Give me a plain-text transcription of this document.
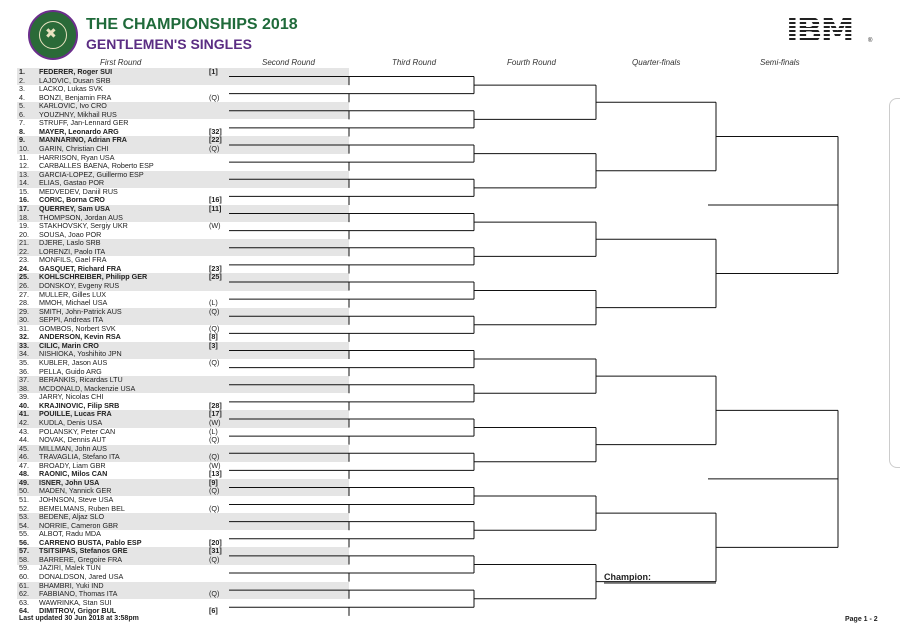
✖ THE CHAMPIONSHIPS 2018
GENTLEMEN'S SINGLES	IBM	®
First Round	Second Round	Third Round	Fourth Round	Quarter-finals	Semi-finals
1. FEDERER, Roger SUI	[1]
2. LAJOVIC, Dusan SRB
3. LACKO, Lukas SVK
4. BONZI, Benjamin FRA	(Q)
5. KARLOVIC, Ivo CRO
6. YOUZHNY, Mikhail RUS
7. STRUFF, Jan-Lennard GER
8. MAYER, Leonardo ARG	[32]
9. MANNARINO, Adrian FRA	[22]
10. GARIN, Christian CHI	(Q)
11. HARRISON, Ryan USA
12. CARBALLES BAENA, Roberto ESP
13. GARCIA-LOPEZ, Guillermo ESP
14. ELIAS, Gastao POR
15. MEDVEDEV, Daniil RUS
16. CORIC, Borna CRO	[16]
17. QUERREY, Sam USA	[11]
18. THOMPSON, Jordan AUS
19. STAKHOVSKY, Sergiy UKR	(W)
20. SOUSA, Joao POR
21. DJERE, Laslo SRB
22. LORENZI, Paolo ITA
23. MONFILS, Gael FRA
24. GASQUET, Richard FRA	[23]
25. KOHLSCHREIBER, Philipp GER	[25]
26. DONSKOY, Evgeny RUS
27. MULLER, Gilles LUX
28. MMOH, Michael USA	(L)
29. SMITH, John-Patrick AUS	(Q)
30. SEPPI, Andreas ITA
31. GOMBOS, Norbert SVK	(Q)
32. ANDERSON, Kevin RSA	[8]
33. CILIC, Marin CRO	[3]
34. NISHIOKA, Yoshihito JPN
35. KUBLER, Jason AUS	(Q)
36. PELLA, Guido ARG
37. BERANKIS, Ricardas LTU
38. MCDONALD, Mackenzie USA
39. JARRY, Nicolas CHI
40. KRAJINOVIC, Filip SRB	[28]
41. POUILLE, Lucas FRA	[17]
42. KUDLA, Denis USA	(W)
43. POLANSKY, Peter CAN	(L)
44. NOVAK, Dennis AUT	(Q)
45. MILLMAN, John AUS
46. TRAVAGLIA, Stefano ITA	(Q)
47. BROADY, Liam GBR	(W)
48. RAONIC, Milos CAN	[13]
49. ISNER, John USA	[9]
50. MADEN, Yannick GER	(Q)
51. JOHNSON, Steve USA
52. BEMELMANS, Ruben BEL	(Q)
53. BEDENE, Aljaz SLO
54. NORRIE, Cameron GBR
55. ALBOT, Radu MDA
56. CARRENO BUSTA, Pablo ESP	[20]
57. TSITSIPAS, Stefanos GRE	[31]
58. BARRERE, Gregoire FRA	(Q)
59. JAZIRI, Malek TUN
60. DONALDSON, Jared USA
61. BHAMBRI, Yuki IND
62. FABBIANO, Thomas ITA	(Q)
63. WAWRINKA, Stan SUI
64. DIMITROV, Grigor BUL	[6]
Champion:
Last updated 30 Jun 2018 at 3:58pm	Page 1 - 2
